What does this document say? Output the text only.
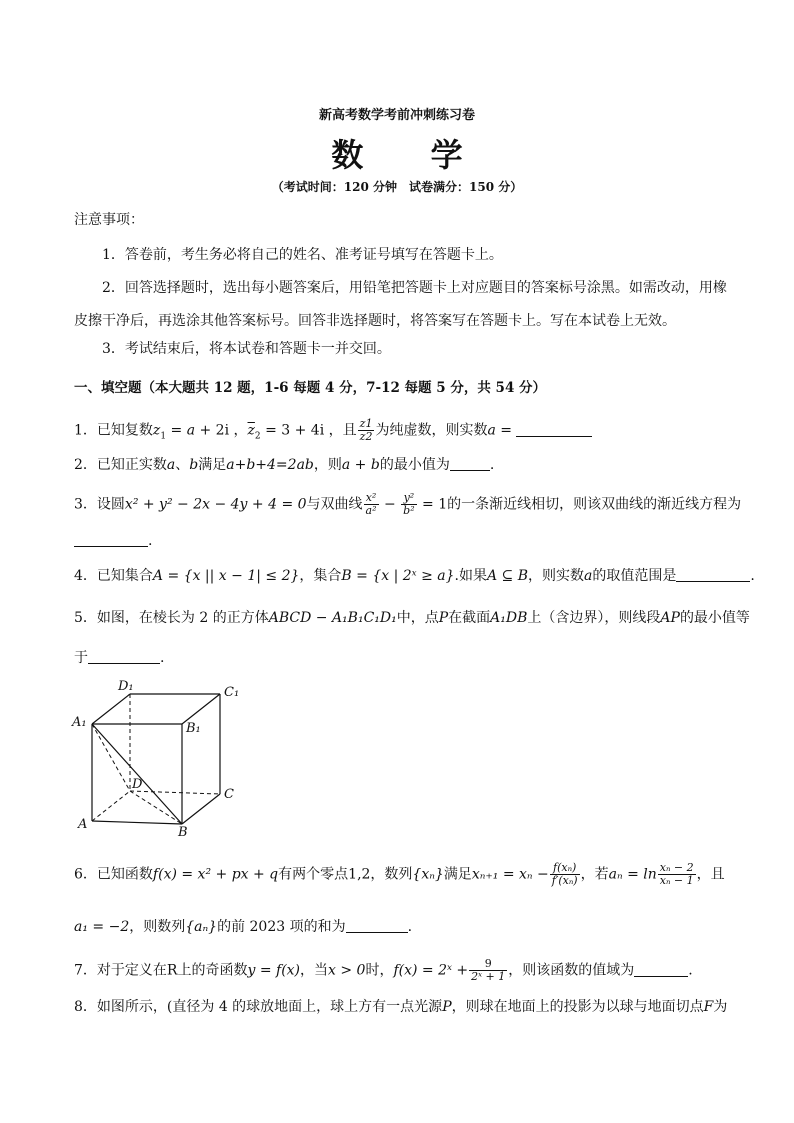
新高考数学考前冲刺练习卷
数 学
（考试时间：120 分钟　试卷满分：150 分）
注意事项：
1．答卷前，考生务必将自己的姓名、准考证号填写在答题卡上。
2．回答选择题时，选出每小题答案后，用铅笔把答题卡上对应题目的答案标号涂黑。如需改动，用橡
皮擦干净后，再选涂其他答案标号。回答非选择题时，将答案写在答题卡上。写在本试卷上无效。
3．考试结束后，将本试卷和答题卡一并交回。
一、填空题（本大题共 12 题，1-6 每题 4 分，7-12 每题 5 分，共 54 分）
1．已知复数$z_1 = a + 2i$ ，$\overline{z}_2 = 3 + 4i$ ，且 $\frac{z1}{z2}$ 为纯虚数，则实数a =
2．已知正实数a、b满足a+b+4=2ab，则a + b的最小值为	.
3．设圆x² + y² − 2x − 4y + 4 = 0与双曲线 $\frac{\text{x²}}{\text{a²}} - \frac{\text{y²}}{\text{b²}} = 1$的一条渐近线相切，则该双曲线的渐近线方程为
.
4．已知集合A = {x || x − 1| ≤ 2}，集合B = {x | 2ˣ ≥ a}.如果A ⊆ B，则实数a的取值范围是	.
5．如图，在棱长为 2 的正方体ABCD − A₁B₁C₁D₁中，点P在截面A₁DB上（含边界），则线段AP的最小值等
于	.
D₁	C₁
A₁	B₁
D
C
A
B
6．已知函数f(x) = x² + px + q有两个零点1,2，数列{xₙ}满足$x_{n+1} = x_n - \frac{\text{f(xₙ)}}{\text{f′(xₙ)}}$ ，若$a_n = \ln \frac{\text{xₙ − 2}}{\text{xₙ − 1}}$ ，且
a₁ = −2，则数列{aₙ}的前 2023 项的和为	.
7．对于定义在R上的奇函数y = f(x)，当x > 0时，f(x) = 2ˣ + $\frac{9}{\text{2ˣ + 1}}$ ，则该函数的值域为	.
8．如图所示，(直径为 4 的球放地面上，球上方有一点光源P，则球在地面上的投影为以球与地面切点F为
